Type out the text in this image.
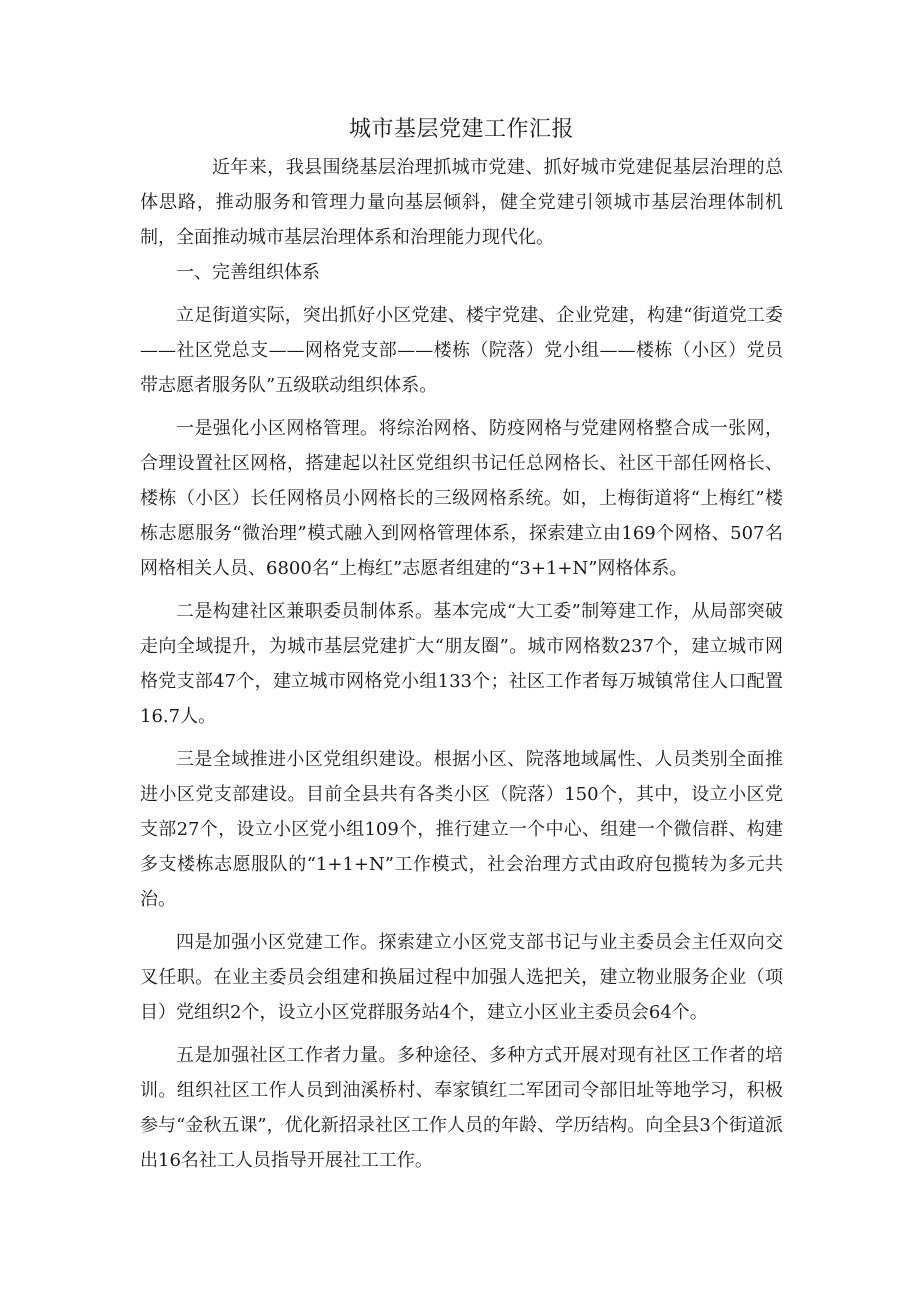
城市基层党建工作汇报

近年来，我县围绕基层治理抓城市党建、抓好城市党建促基层治理的总体思路，推动服务和管理力量向基层倾斜，健全党建引领城市基层治理体制机制，全面推动城市基层治理体系和治理能力现代化。

一、完善组织体系

立足街道实际，突出抓好小区党建、楼宇党建、企业党建，构建“街道党工委——社区党总支——网格党支部——楼栋（院落）党小组——楼栋（小区）党员带志愿者服务队”五级联动组织体系。

一是强化小区网格管理。将综治网格、防疫网格与党建网格整合成一张网，合理设置社区网格，搭建起以社区党组织书记任总网格长、社区干部任网格长、楼栋（小区）长任网格员小网格长的三级网格系统。如，上梅街道将“上梅红”楼栋志愿服务“微治理”模式融入到网格管理体系，探索建立由169个网格、507名网格相关人员、6800名“上梅红”志愿者组建的“3+1+N”网格体系。

二是构建社区兼职委员制体系。基本完成“大工委”制筹建工作，从局部突破走向全域提升，为城市基层党建扩大“朋友圈”。城市网格数237个，建立城市网格党支部47个，建立城市网格党小组133个；社区工作者每万城镇常住人口配置16.7人。

三是全域推进小区党组织建设。根据小区、院落地域属性、人员类别全面推进小区党支部建设。目前全县共有各类小区（院落）150个，其中，设立小区党支部27个，设立小区党小组109个，推行建立一个中心、组建一个微信群、构建多支楼栋志愿服队的“1+1+N”工作模式，社会治理方式由政府包揽转为多元共治。

四是加强小区党建工作。探索建立小区党支部书记与业主委员会主任双向交叉任职。在业主委员会组建和换届过程中加强人选把关，建立物业服务企业（项目）党组织2个，设立小区党群服务站4个，建立小区业主委员会64个。

五是加强社区工作者力量。多种途径、多种方式开展对现有社区工作者的培训。组织社区工作人员到油溪桥村、奉家镇红二军团司令部旧址等地学习，积极参与“金秋五课”，优化新招录社区工作人员的年龄、学历结构。向全县3个街道派出16名社工人员指导开展社工工作。
